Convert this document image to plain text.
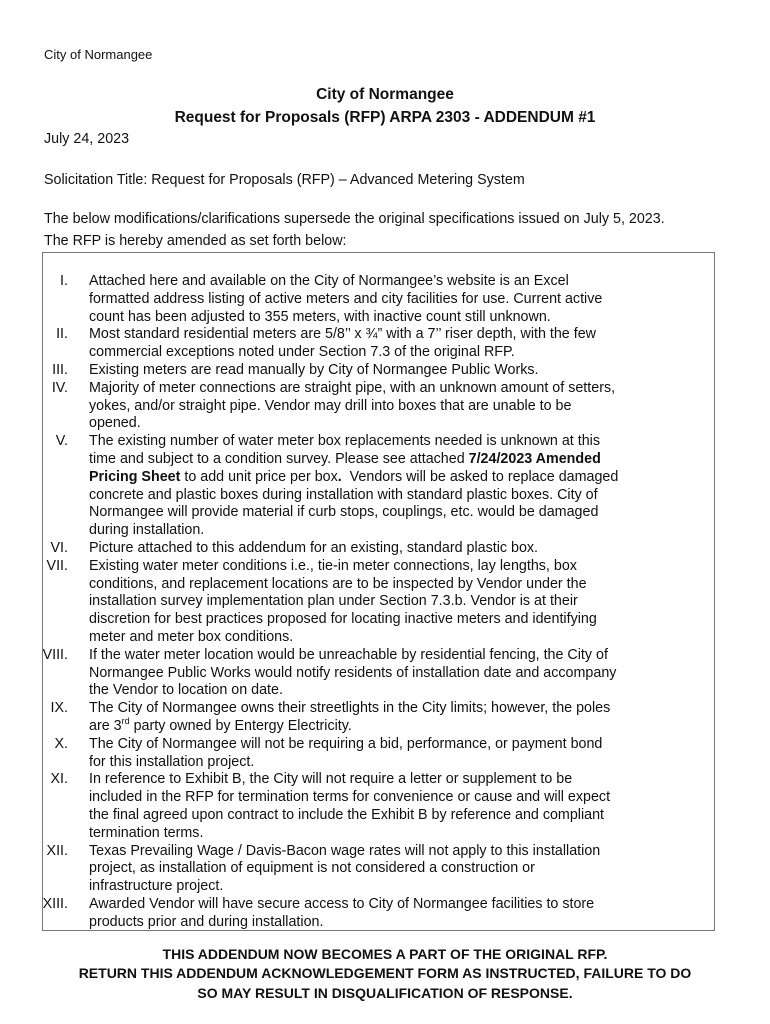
City of Normangee
City of Normangee
Request for Proposals (RFP) ARPA 2303 - ADDENDUM #1
July 24, 2023
Solicitation Title: Request for Proposals (RFP) – Advanced Metering System
The below modifications/clarifications supersede the original specifications issued on July 5, 2023.
The RFP is hereby amended as set forth below:
I.	Attached here and available on the City of Normangee’s website is an Excel
formatted address listing of active meters and city facilities for use. Current active
count has been adjusted to 355 meters, with inactive count still unknown.
II.	Most standard residential meters are 5/8’’ x ¾” with a 7’’ riser depth, with the few
commercial exceptions noted under Section 7.3 of the original RFP.
III.	Existing meters are read manually by City of Normangee Public Works.
IV.	Majority of meter connections are straight pipe, with an unknown amount of setters,
yokes, and/or straight pipe. Vendor may drill into boxes that are unable to be
opened.
V.	The existing number of water meter box replacements needed is unknown at this
time and subject to a condition survey. Please see attached 7/24/2023 Amended
Pricing Sheet to add unit price per box.  Vendors will be asked to replace damaged
concrete and plastic boxes during installation with standard plastic boxes. City of
Normangee will provide material if curb stops, couplings, etc. would be damaged
during installation.
VI.	Picture attached to this addendum for an existing, standard plastic box.
VII.	Existing water meter conditions i.e., tie-in meter connections, lay lengths, box
conditions, and replacement locations are to be inspected by Vendor under the
installation survey implementation plan under Section 7.3.b. Vendor is at their
discretion for best practices proposed for locating inactive meters and identifying
meter and meter box conditions.
VIII.	If the water meter location would be unreachable by residential fencing, the City of
Normangee Public Works would notify residents of installation date and accompany
the Vendor to location on date.
IX.	The City of Normangee owns their streetlights in the City limits; however, the poles
are 3rd party owned by Entergy Electricity.
X.	The City of Normangee will not be requiring a bid, performance, or payment bond
for this installation project.
XI.	In reference to Exhibit B, the City will not require a letter or supplement to be
included in the RFP for termination terms for convenience or cause and will expect
the final agreed upon contract to include the Exhibit B by reference and compliant
termination terms.
XII.	Texas Prevailing Wage / Davis-Bacon wage rates will not apply to this installation
project, as installation of equipment is not considered a construction or
infrastructure project.
XIII.	Awarded Vendor will have secure access to City of Normangee facilities to store
products prior and during installation.
THIS ADDENDUM NOW BECOMES A PART OF THE ORIGINAL RFP.
RETURN THIS ADDENDUM ACKNOWLEDGEMENT FORM AS INSTRUCTED, FAILURE TO DO
SO MAY RESULT IN DISQUALIFICATION OF RESPONSE.
